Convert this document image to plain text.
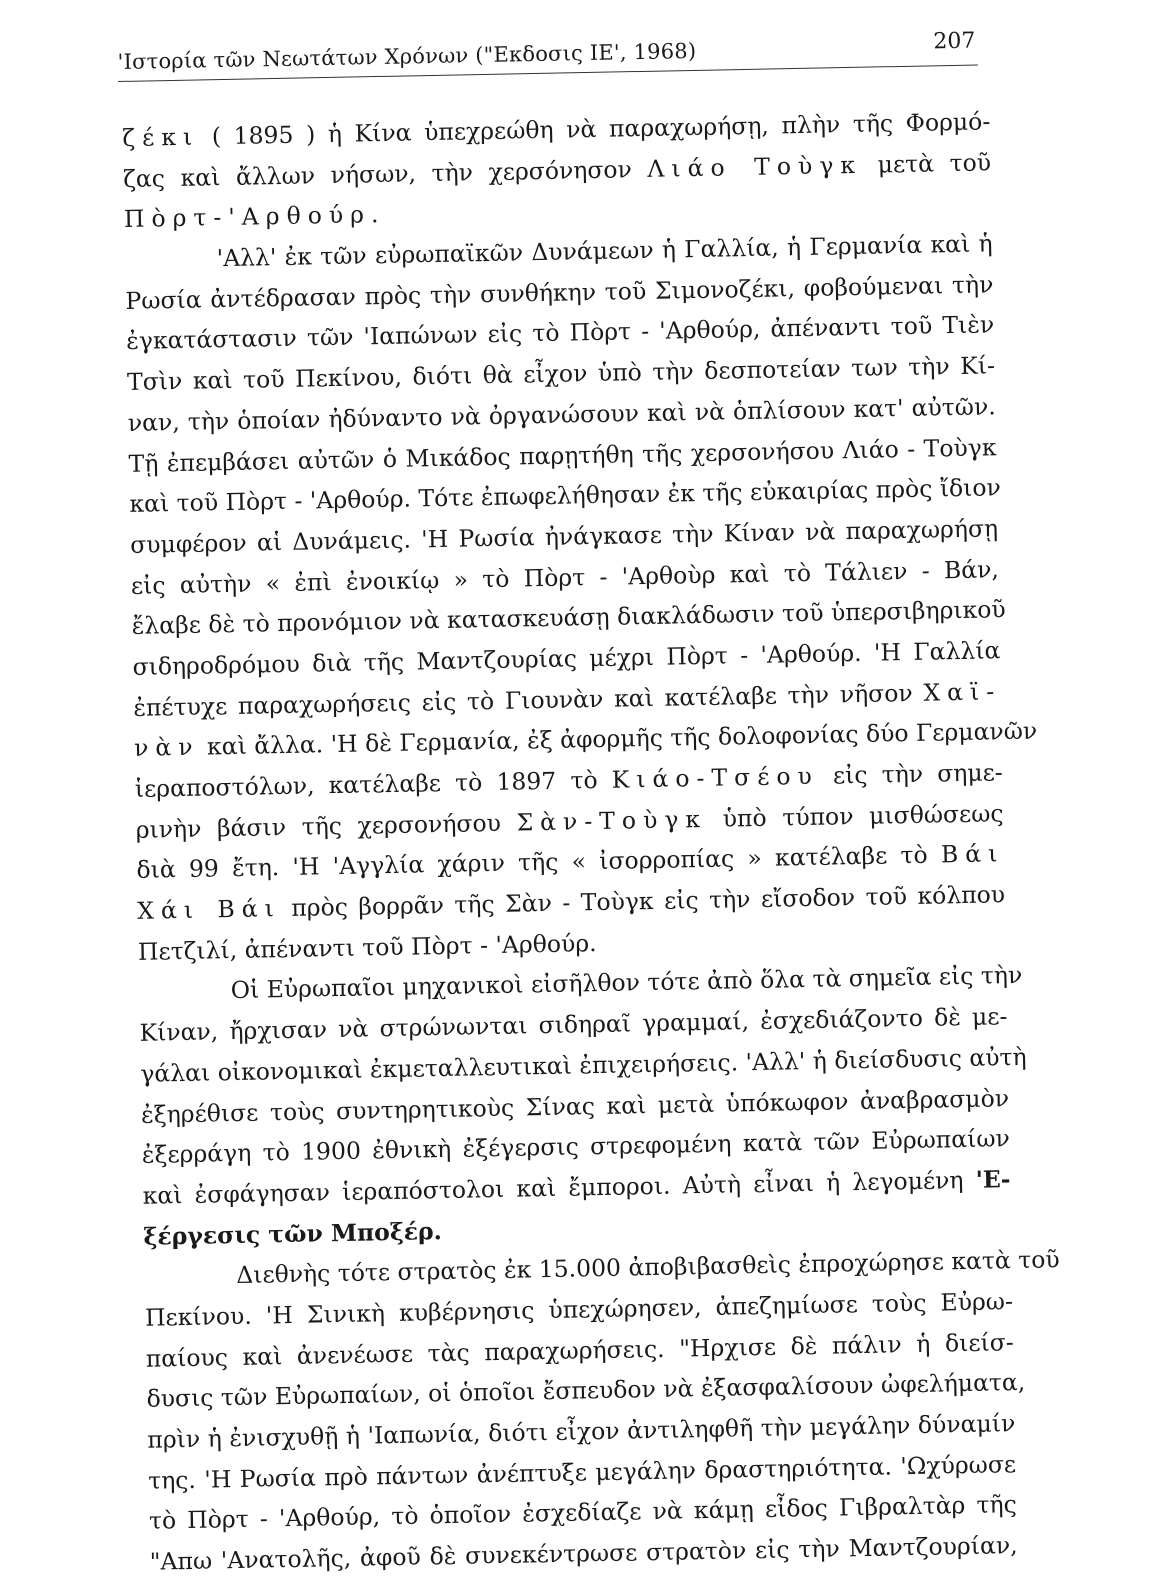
'Ιστορία τῶν Νεωτάτων Χρόνων ("Εκδοσις ΙΕ', 1968)	207
ζέκι ( 1895 ) ἡ Κίνα ὑπεχρεώθη νὰ παραχωρήσῃ, πλὴν τῆς Φορμό-
ζας καὶ ἄλλων νήσων, τὴν χερσόνησον Λιάο Τοὺγκ μετὰ τοῦ
Πὸρτ-'Αρθούρ.
'Αλλ' ἐκ τῶν εὐρωπαϊκῶν Δυνάμεων ἡ Γαλλία, ἡ Γερμανία καὶ ἡ
Ρωσία ἀντέδρασαν πρὸς τὴν συνθήκην τοῦ Σιμονοζέκι, φοβούμεναι τὴν
ἐγκατάστασιν τῶν 'Ιαπώνων εἰς τὸ Πὸρτ - 'Αρθούρ, ἀπέναντι τοῦ Τιὲν
Τσὶν καὶ τοῦ Πεκίνου, διότι θὰ εἶχον ὑπὸ τὴν δεσποτείαν των τὴν Κί-
ναν, τὴν ὁποίαν ἠδύναντο νὰ ὀργανώσουν καὶ νὰ ὁπλίσουν κατ' αὐτῶν.
Τῇ ἐπεμβάσει αὐτῶν ὁ Μικάδος παρῃτήθη τῆς χερσονήσου Λιάο - Τοὺγκ
καὶ τοῦ Πὸρτ - 'Αρθούρ. Τότε ἐπωφελήθησαν ἐκ τῆς εὐκαιρίας πρὸς ἴδιον
συμφέρον αἱ Δυνάμεις. 'Η Ρωσία ἠνάγκασε τὴν Κίναν νὰ παραχωρήσῃ
εἰς αὐτὴν « ἐπὶ ἐνοικίῳ » τὸ Πὸρτ - 'Αρθοὺρ καὶ τὸ Τάλιεν - Βάν,
ἔλαβε δὲ τὸ προνόμιον νὰ κατασκευάσῃ διακλάδωσιν τοῦ ὑπερσιβηρικοῦ
σιδηροδρόμου διὰ τῆς Μαντζουρίας μέχρι Πὸρτ - 'Αρθούρ. 'Η Γαλλία
ἐπέτυχε παραχωρήσεις εἰς τὸ Γιουνὰν καὶ κατέλαβε τὴν νῆσον Χαϊ-
νὰν καὶ ἄλλα. 'Η δὲ Γερμανία, ἐξ ἀφορμῆς τῆς δολοφονίας δύο Γερμανῶν
ἱεραποστόλων, κατέλαβε τὸ 1897 τὸ Κιάο-Τσέου εἰς τὴν σημε-
ρινὴν βάσιν τῆς χερσονήσου Σὰν-Τοὺγκ ὑπὸ τύπον μισθώσεως
διὰ 99 ἔτη. 'Η 'Αγγλία χάριν τῆς « ἰσορροπίας » κατέλαβε τὸ Βάι
Χάι Βάι πρὸς βορρᾶν τῆς Σὰν - Τοὺγκ εἰς τὴν εἴσοδον τοῦ κόλπου
Πετζιλί, ἀπέναντι τοῦ Πὸρτ - 'Αρθούρ.
Οἱ Εὐρωπαῖοι μηχανικοὶ εἰσῆλθον τότε ἀπὸ ὅλα τὰ σημεῖα εἰς τὴν
Κίναν, ἤρχισαν νὰ στρώνωνται σιδηραῖ γραμμαί, ἐσχεδιάζοντο δὲ με-
γάλαι οἰκονομικαὶ ἐκμεταλλευτικαὶ ἐπιχειρήσεις. 'Αλλ' ἡ διείσδυσις αὐτὴ
ἐξηρέθισε τοὺς συντηρητικοὺς Σίνας καὶ μετὰ ὑπόκωφον ἀναβρασμὸν
ἐξερράγη τὸ 1900 ἐθνικὴ ἐξέγερσις στρεφομένη κατὰ τῶν Εὐρωπαίων
καὶ ἐσφάγησαν ἱεραπόστολοι καὶ ἔμποροι. Αὐτὴ εἶναι ἡ λεγομένη 'Ε-
ξέργεσις τῶν Μποξέρ.
Διεθνὴς τότε στρατὸς ἐκ 15.000 ἀποβιβασθεὶς ἐπροχώρησε κατὰ τοῦ
Πεκίνου. 'Η Σινικὴ κυβέρνησις ὑπεχώρησεν, ἀπεζημίωσε τοὺς Εὐρω-
παίους καὶ ἀνενέωσε τὰς παραχωρήσεις. "Ηρχισε δὲ πάλιν ἡ διείσ-
δυσις τῶν Εὐρωπαίων, οἱ ὁποῖοι ἔσπευδον νὰ ἐξασφαλίσουν ὠφελήματα,
πρὶν ἡ ἐνισχυθῇ ἡ 'Ιαπωνία, διότι εἶχον ἀντιληφθῆ τὴν μεγάλην δύναμίν
της. 'Η Ρωσία πρὸ πάντων ἀνέπτυξε μεγάλην δραστηριότητα. 'Ωχύρωσε
τὸ Πὸρτ - 'Αρθούρ, τὸ ὁποῖον ἐσχεδίαζε νὰ κάμῃ εἶδος Γιβραλτὰρ τῆς
"Απω 'Ανατολῆς, ἀφοῦ δὲ συνεκέντρωσε στρατὸν εἰς τὴν Μαντζουρίαν,
